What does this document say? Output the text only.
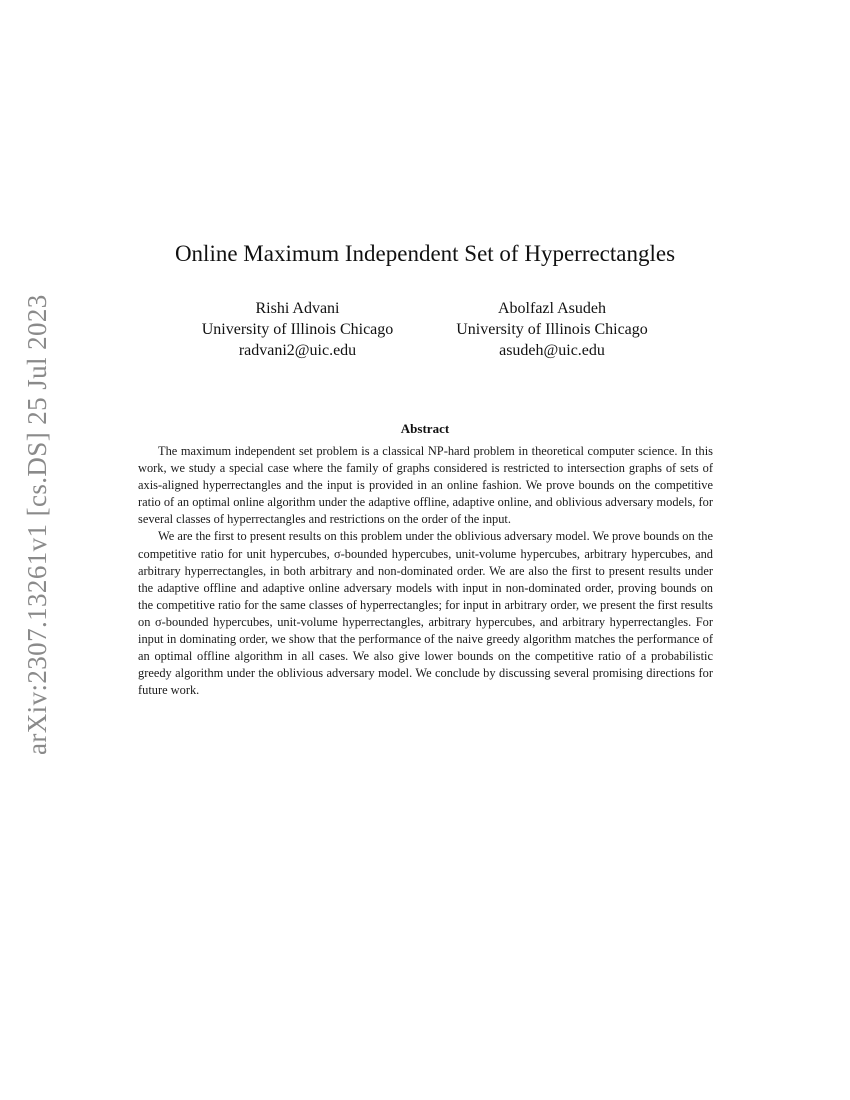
arXiv:2307.13261v1 [cs.DS] 25 Jul 2023
Online Maximum Independent Set of Hyperrectangles
Rishi Advani
University of Illinois Chicago
radvani2@uic.edu
Abolfazl Asudeh
University of Illinois Chicago
asudeh@uic.edu
Abstract

The maximum independent set problem is a classical NP-hard problem in theoretical computer science. In this work, we study a special case where the family of graphs considered is restricted to intersection graphs of sets of axis-aligned hyperrectangles and the input is provided in an online fashion. We prove bounds on the competitive ratio of an optimal online algorithm under the adaptive offline, adaptive online, and oblivious adversary models, for several classes of hyperrectangles and restrictions on the order of the input.

We are the first to present results on this problem under the oblivious adversary model. We prove bounds on the competitive ratio for unit hypercubes, σ-bounded hypercubes, unit-volume hypercubes, arbitrary hypercubes, and arbitrary hyperrectangles, in both arbitrary and non-dominated order. We are also the first to present results under the adaptive offline and adaptive online adversary models with input in non-dominated order, proving bounds on the competitive ratio for the same classes of hyperrectangles; for input in arbitrary order, we present the first results on σ-bounded hypercubes, unit-volume hyperrectangles, arbitrary hypercubes, and arbitrary hyperrectangles. For input in dominating order, we show that the performance of the naive greedy algorithm matches the performance of an optimal offline algorithm in all cases. We also give lower bounds on the competitive ratio of a probabilistic greedy algorithm under the oblivious adversary model. We conclude by discussing several promising directions for future work.
